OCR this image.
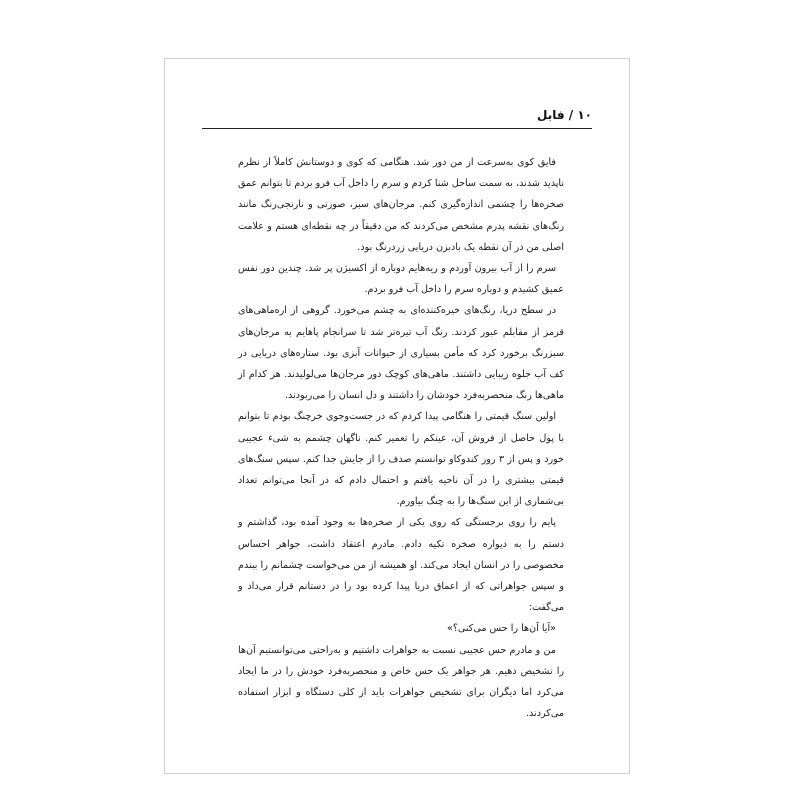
۱۰ / فابل

فایق کوی به‌سرعت از من دور شد. هنگامی که کوی و دوستانش کاملاً از نظرم ناپدید شدند، به سمت ساحل شنا کردم و سرم را داخل آب فرو بردم تا بتوانم عمق صخره‌ها را چشمی اندازه‌گیری کنم. مرجان‌های سبز، صورتی و نارنجی‌رنگ مانند رنگ‌های نقشه پدرم مشخص می‌کردند که من دقیقاً در چه نقطه‌ای هستم و علامت اصلی من در آن نقطه یک بادبزن دریایی زردرنگ بود.

سرم را از آب بیرون آوردم و ریه‌هایم دوباره از اکسیژن پر شد. چندین دور نفس عمیق کشیدم و دوباره سرم را داخل آب فرو بردم.

در سطح دریا، رنگ‌های خیره‌کننده‌ای به چشم می‌خورد. گروهی از اره‌ماهی‌های قرمز از مقابلم عبور کردند. رنگ آب تیره‌تر شد تا سرانجام پاهایم به مرجان‌های سبزرنگ برخورد کرد که مأمن بسیاری از حیوانات آبزی بود. ستاره‌های دریایی در کف آب جلوه زیبایی داشتند. ماهی‌های کوچک دور مرجان‌ها می‌لولیدند. هر کدام از ماهی‌ها رنگ منحصربه‌فرد خودشان را داشتند و دل انسان را می‌ربودند.

اولین سنگ قیمتی را هنگامی پیدا کردم که در جست‌وجوی خرچنگ بودم تا بتوانم با پول حاصل از فروش آن، عینکم را تعمیر کنم. ناگهان چشمم به شیء عجیبی خورد و پس از ۳ روز کندوکاو توانستم صدف را از جایش جدا کنم. سپس سنگ‌های قیمتی بیشتری را در آن ناحیه یافتم و احتمال دادم که در آنجا می‌توانم تعداد بی‌شماری از این سنگ‌ها را به چنگ بیاورم.

پایم را روی برجستگی که روی یکی از صخره‌ها به وجود آمده بود، گذاشتم و دستم را به دیواره صخره تکیه دادم. مادرم اعتقاد داشت، جواهر احساس مخصوصی را در انسان ایجاد می‌کند. او همیشه از من می‌خواست چشمانم را ببندم و سپس جواهراتی که از اعماق دریا پیدا کرده بود را در دستانم قرار می‌داد و می‌گفت:

«آیا آن‌ها را حس می‌کنی؟»

من و مادرم حس عجیبی نسبت به جواهرات داشتیم و به‌راحتی می‌توانستیم آن‌ها را تشخیص دهیم. هر جواهر یک حس خاص و منحصربه‌فرد خودش را در ما ایجاد می‌کرد اما دیگران برای تشخیص جواهرات باید از کلی دستگاه و ابزار استفاده می‌کردند.
